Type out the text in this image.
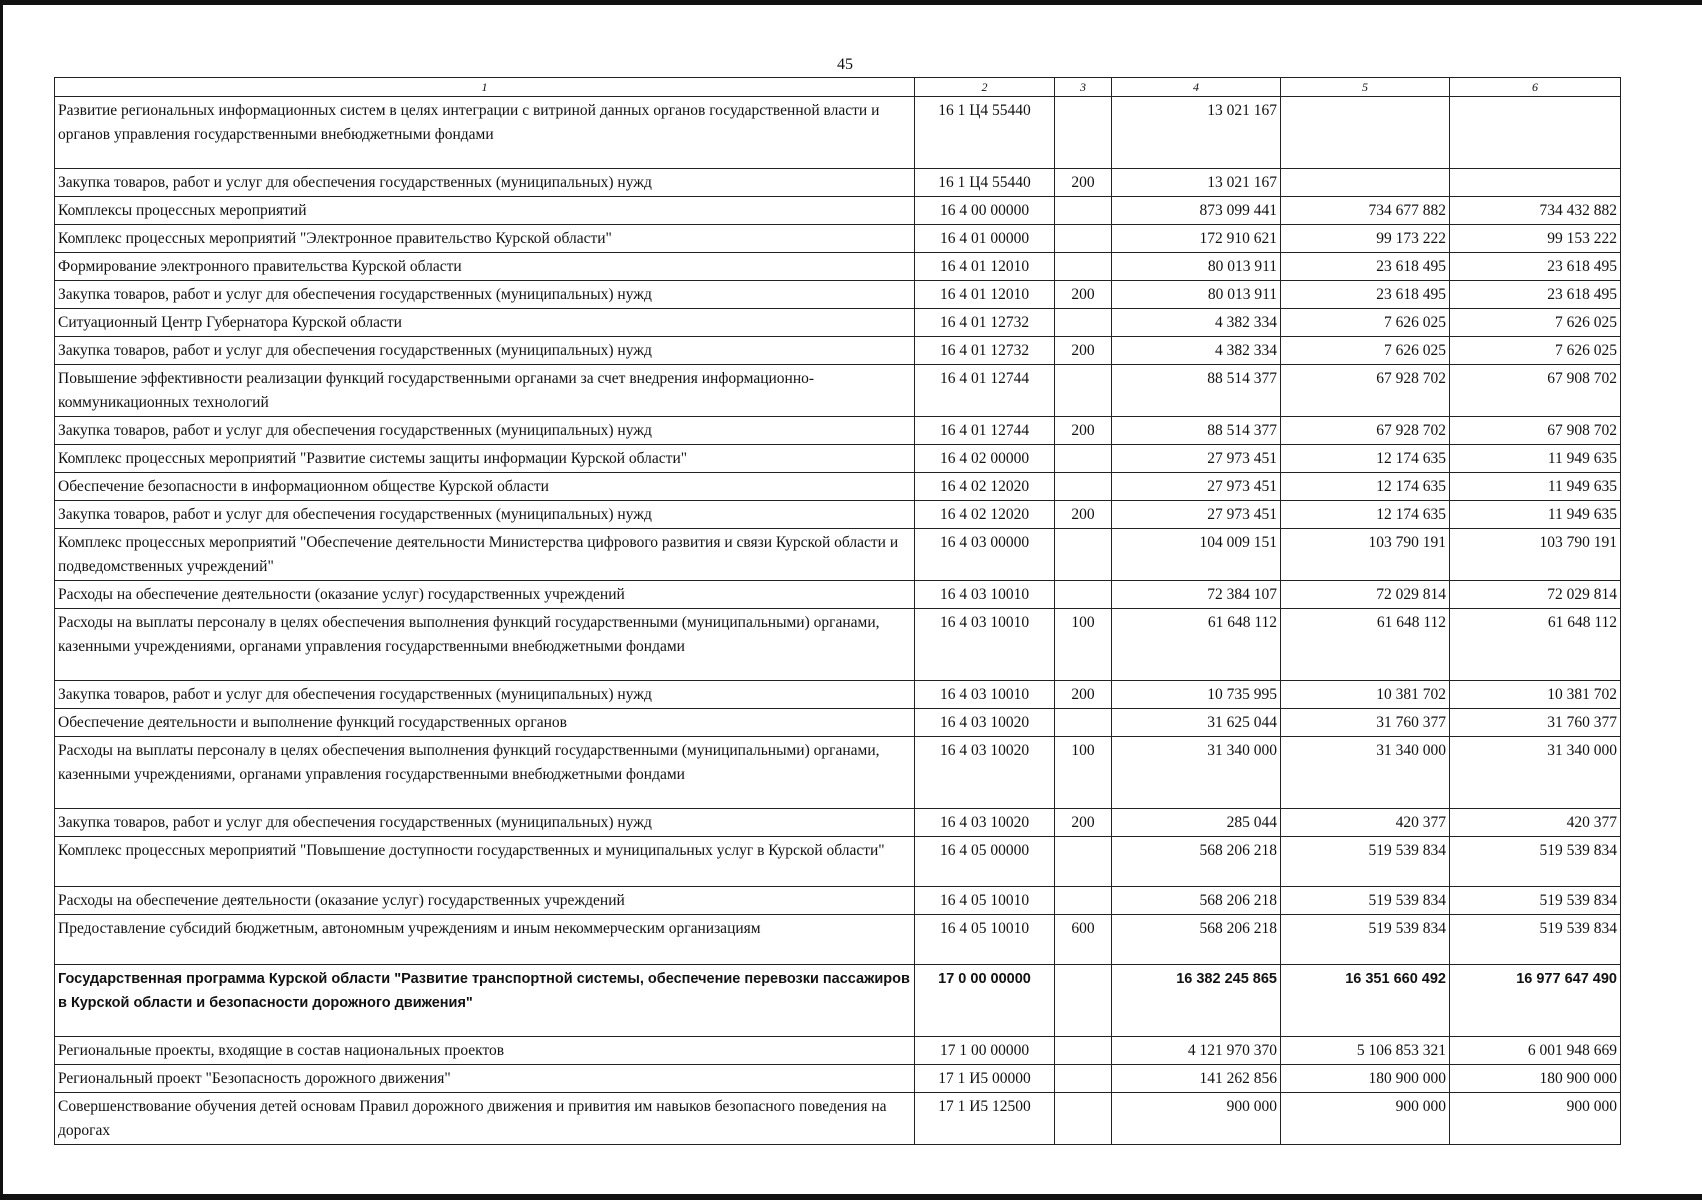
45
1	2	3	4	5	6
Развитие региональных информационных систем в целях интеграции с витриной данных органов государственной власти и органов управления государственными внебюджетными фондами	16 1 Ц4 55440		13 021 167		
Закупка товаров, работ и услуг для обеспечения государственных (муниципальных) нужд	16 1 Ц4 55440	200	13 021 167		
Комплексы процессных мероприятий	16 4 00 00000		873 099 441	734 677 882	734 432 882
Комплекс процессных мероприятий "Электронное правительство Курской области"	16 4 01 00000		172 910 621	99 173 222	99 153 222
Формирование электронного правительства Курской области	16 4 01 12010		80 013 911	23 618 495	23 618 495
Закупка товаров, работ и услуг для обеспечения государственных (муниципальных) нужд	16 4 01 12010	200	80 013 911	23 618 495	23 618 495
Ситуационный Центр Губернатора Курской области	16 4 01 12732		4 382 334	7 626 025	7 626 025
Закупка товаров, работ и услуг для обеспечения государственных (муниципальных) нужд	16 4 01 12732	200	4 382 334	7 626 025	7 626 025
Повышение эффективности реализации функций государственными органами за счет внедрения информационно-коммуникационных технологий	16 4 01 12744		88 514 377	67 928 702	67 908 702
Закупка товаров, работ и услуг для обеспечения государственных (муниципальных) нужд	16 4 01 12744	200	88 514 377	67 928 702	67 908 702
Комплекс процессных мероприятий "Развитие системы защиты информации Курской области"	16 4 02 00000		27 973 451	12 174 635	11 949 635
Обеспечение безопасности в информационном обществе Курской области	16 4 02 12020		27 973 451	12 174 635	11 949 635
Закупка товаров, работ и услуг для обеспечения государственных (муниципальных) нужд	16 4 02 12020	200	27 973 451	12 174 635	11 949 635
Комплекс процессных мероприятий "Обеспечение деятельности Министерства цифрового развития и связи Курской области и подведомственных учреждений"	16 4 03 00000		104 009 151	103 790 191	103 790 191
Расходы на обеспечение деятельности (оказание услуг) государственных учреждений	16 4 03 10010		72 384 107	72 029 814	72 029 814
Расходы на выплаты персоналу в целях обеспечения выполнения функций государственными (муниципальными) органами, казенными учреждениями, органами управления государственными внебюджетными фондами	16 4 03 10010	100	61 648 112	61 648 112	61 648 112
Закупка товаров, работ и услуг для обеспечения государственных (муниципальных) нужд	16 4 03 10010	200	10 735 995	10 381 702	10 381 702
Обеспечение деятельности и выполнение функций государственных органов	16 4 03 10020		31 625 044	31 760 377	31 760 377
Расходы на выплаты персоналу в целях обеспечения выполнения функций государственными (муниципальными) органами, казенными учреждениями, органами управления государственными внебюджетными фондами	16 4 03 10020	100	31 340 000	31 340 000	31 340 000
Закупка товаров, работ и услуг для обеспечения государственных (муниципальных) нужд	16 4 03 10020	200	285 044	420 377	420 377
Комплекс процессных мероприятий "Повышение доступности государственных и муниципальных услуг в Курской области"	16 4 05 00000		568 206 218	519 539 834	519 539 834
Расходы на обеспечение деятельности (оказание услуг) государственных учреждений	16 4 05 10010		568 206 218	519 539 834	519 539 834
Предоставление субсидий бюджетным, автономным учреждениям и иным некоммерческим организациям	16 4 05 10010	600	568 206 218	519 539 834	519 539 834
Государственная программа Курской области "Развитие транспортной системы, обеспечение перевозки пассажиров в Курской области и безопасности дорожного движения"	17 0 00 00000		16 382 245 865	16 351 660 492	16 977 647 490
Региональные проекты, входящие в состав национальных проектов	17 1 00 00000		4 121 970 370	5 106 853 321	6 001 948 669
Региональный проект "Безопасность дорожного движения"	17 1 И5 00000		141 262 856	180 900 000	180 900 000
Совершенствование обучения детей основам Правил дорожного движения и привития им навыков безопасного поведения на дорогах	17 1 И5 12500		900 000	900 000	900 000
